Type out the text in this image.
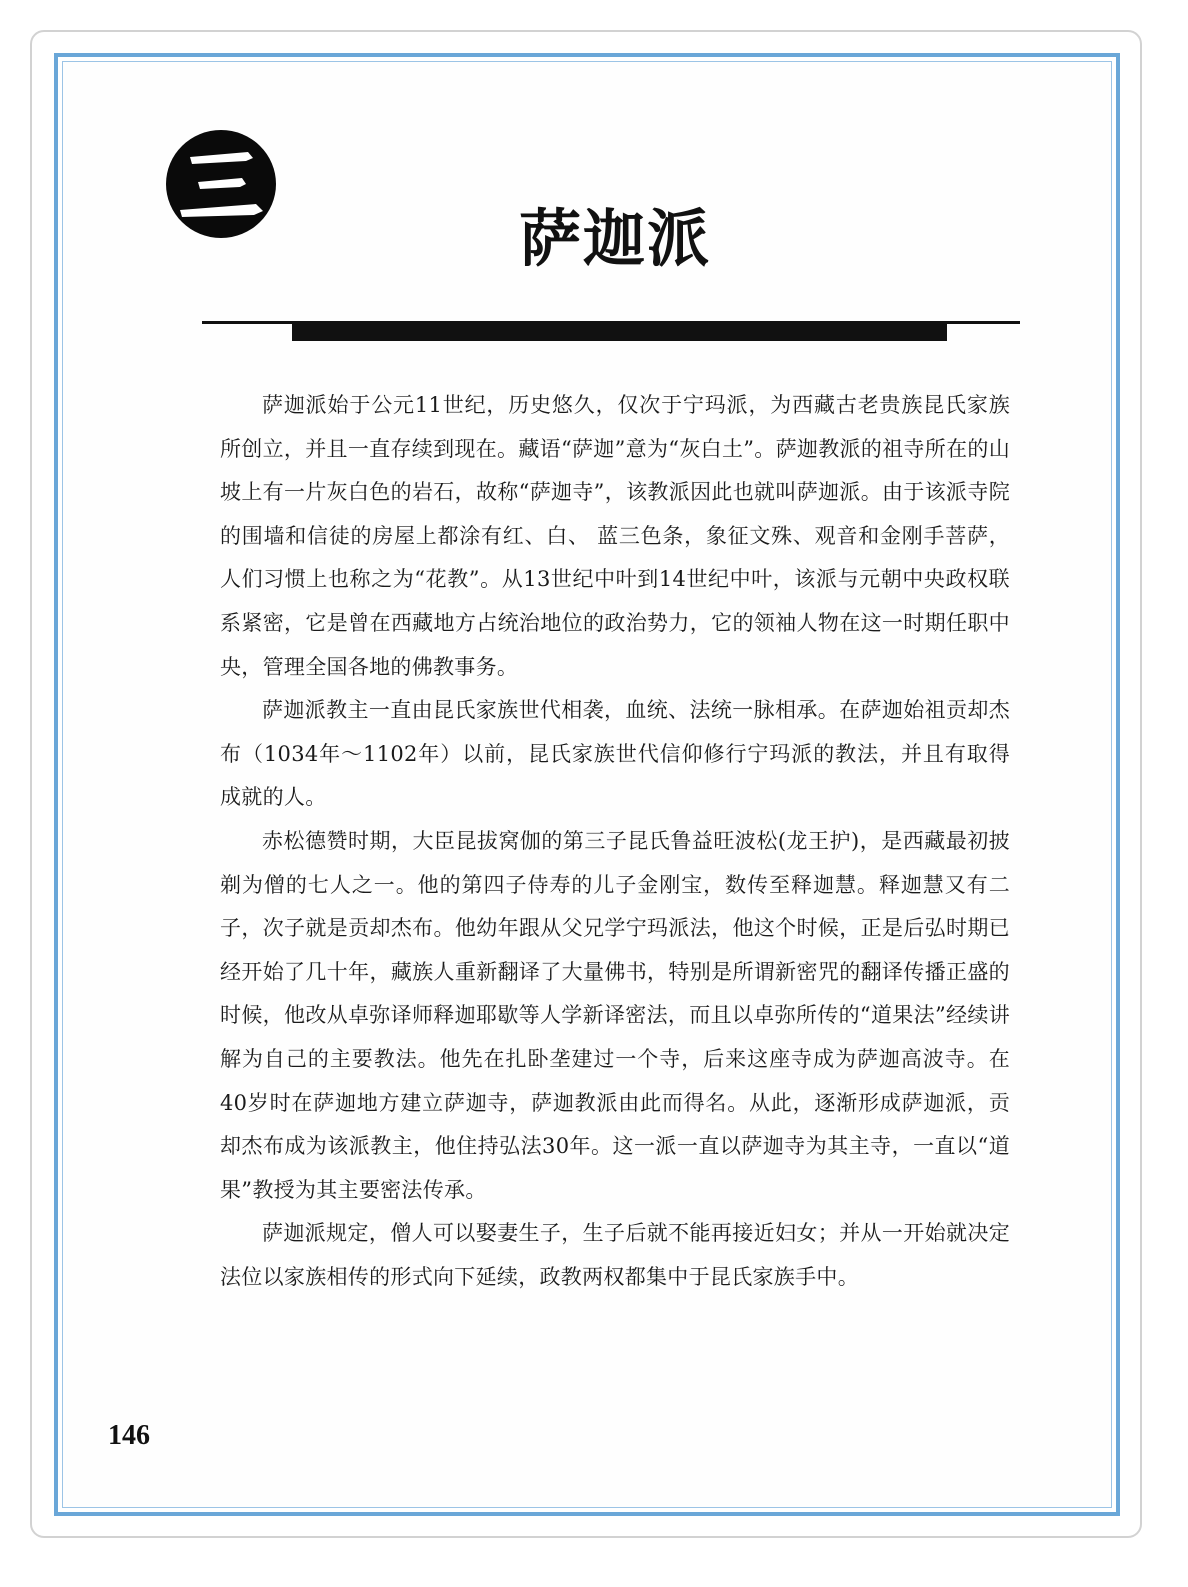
萨迦派

萨迦派始于公元11世纪，历史悠久，仅次于宁玛派，为西藏古老贵族昆氏家族所创立，并且一直存续到现在。藏语“萨迦”意为“灰白土”。萨迦教派的祖寺所在的山坡上有一片灰白色的岩石，故称“萨迦寺”，该教派因此也就叫萨迦派。由于该派寺院的围墙和信徒的房屋上都涂有红、白、 蓝三色条，象征文殊、观音和金刚手菩萨，人们习惯上也称之为“花教”。从13世纪中叶到14世纪中叶，该派与元朝中央政权联系紧密，它是曾在西藏地方占统治地位的政治势力，它的领袖人物在这一时期任职中央，管理全国各地的佛教事务。

萨迦派教主一直由昆氏家族世代相袭，血统、法统一脉相承。在萨迦始祖贡却杰布（1034年～1102年）以前，昆氏家族世代信仰修行宁玛派的教法，并且有取得成就的人。

赤松德赞时期，大臣昆拔窝伽的第三子昆氏鲁益旺波松(龙王护)，是西藏最初披剃为僧的七人之一。他的第四子侍寿的儿子金刚宝，数传至释迦慧。释迦慧又有二子，次子就是贡却杰布。他幼年跟从父兄学宁玛派法，他这个时候，正是后弘时期已经开始了几十年，藏族人重新翻译了大量佛书，特别是所谓新密咒的翻译传播正盛的时候，他改从卓弥译师释迦耶歇等人学新译密法，而且以卓弥所传的“道果法”经续讲解为自己的主要教法。他先在扎卧垄建过一个寺，后来这座寺成为萨迦高波寺。在40岁时在萨迦地方建立萨迦寺，萨迦教派由此而得名。从此，逐渐形成萨迦派，贡却杰布成为该派教主，他住持弘法30年。这一派一直以萨迦寺为其主寺，一直以“道果”教授为其主要密法传承。

萨迦派规定，僧人可以娶妻生子，生子后就不能再接近妇女；并从一开始就决定法位以家族相传的形式向下延续，政教两权都集中于昆氏家族手中。

146
